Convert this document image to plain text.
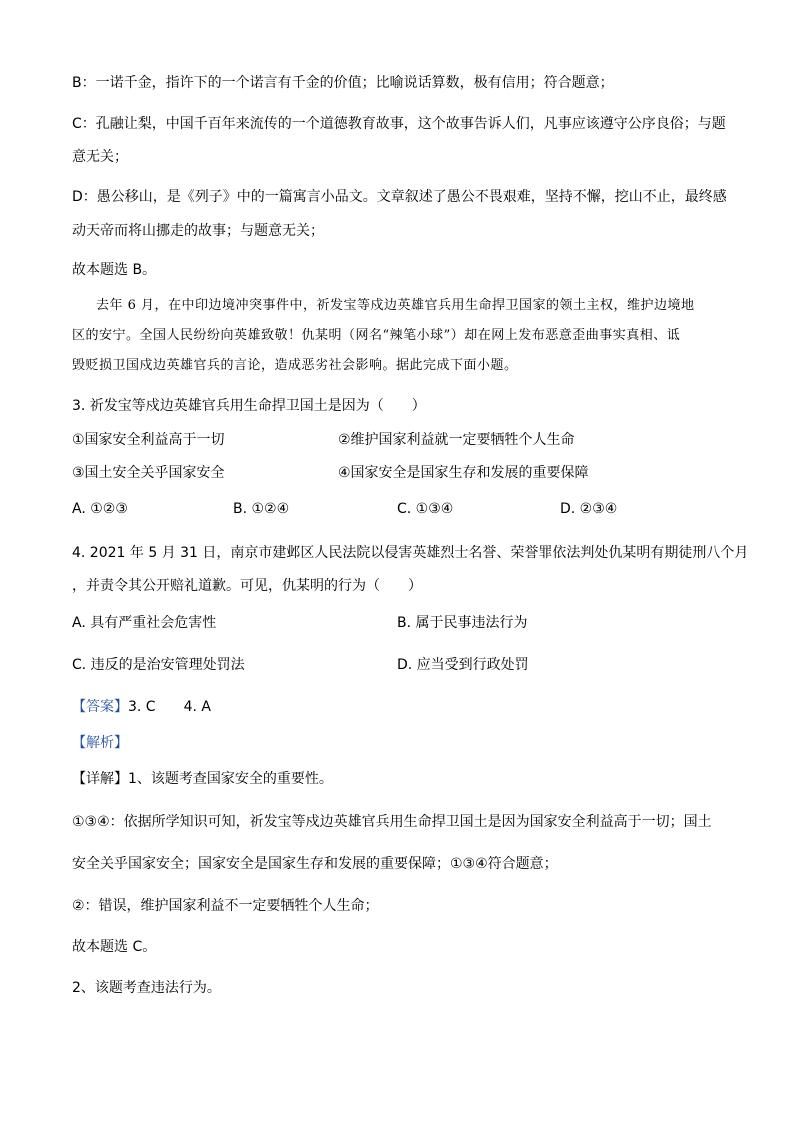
B：一诺千金，指许下的一个诺言有千金的价值；比喻说话算数，极有信用；符合题意；
C：孔融让梨，中国千百年来流传的一个道德教育故事，这个故事告诉人们，凡事应该遵守公序良俗；与题
意无关；
D：愚公移山，是《列子》中的一篇寓言小品文。文章叙述了愚公不畏艰难，坚持不懈，挖山不止，最终感
动天帝而将山挪走的故事；与题意无关；
故本题选 B。
去年 6 月，在中印边境冲突事件中，祈发宝等戍边英雄官兵用生命捍卫国家的领土主权，维护边境地
区的安宁。全国人民纷纷向英雄致敬！仇某明（网名“辣笔小球”）却在网上发布恶意歪曲事实真相、诋
毁贬损卫国戍边英雄官兵的言论，造成恶劣社会影响。据此完成下面小题。
3. 祈发宝等戍边英雄官兵用生命捍卫国土是因为（　　）
①国家安全利益高于一切	②维护国家利益就一定要牺牲个人生命
③国土安全关乎国家安全	④国家安全是国家生存和发展的重要保障
A. ①②③	B. ①②④	C. ①③④	D. ②③④
4. 2021 年 5 月 31 日，南京市建邺区人民法院以侵害英雄烈士名誉、荣誉罪依法判处仇某明有期徒刑八个月
，并责令其公开赔礼道歉。可见，仇某明的行为（　　）
A. 具有严重社会危害性	B. 属于民事违法行为
C. 违反的是治安管理处罚法	D. 应当受到行政处罚
【答案】3. C　　4. A
【解析】
【详解】1、该题考查国家安全的重要性。
①③④：依据所学知识可知，祈发宝等戍边英雄官兵用生命捍卫国土是因为国家安全利益高于一切；国土
安全关乎国家安全；国家安全是国家生存和发展的重要保障；①③④符合题意；
②：错误，维护国家利益不一定要牺牲个人生命；
故本题选 C。
2、该题考查违法行为。
